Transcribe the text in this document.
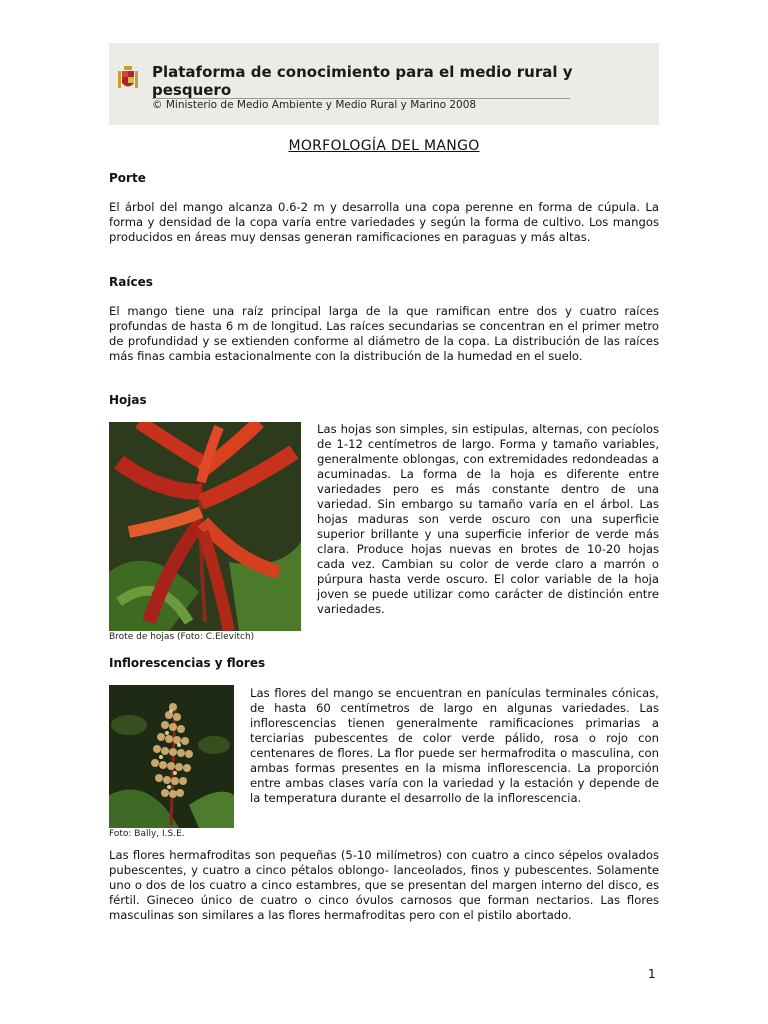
Plataforma de conocimiento para el medio rural y pesquero
© Ministerio de Medio Ambiente y Medio Rural y Marino 2008
MORFOLOGÍA DEL MANGO
Porte

El árbol del mango alcanza 0.6-2 m y desarrolla una copa perenne en forma de cúpula. La forma y densidad de la copa varía entre variedades y según la forma de cultivo. Los mangos producidos en áreas muy densas generan ramificaciones en paraguas y más altas.

Raíces

El mango tiene una raíz principal larga de la que ramifican entre dos y cuatro raíces profundas de hasta 6 m de longitud. Las raíces secundarias se concentran en el primer metro de profundidad y se extienden conforme al diámetro de la copa. La distribución de las raíces más finas cambia estacionalmente con la distribución de la humedad en el suelo.

Hojas
Brote de hojas (Foto: C.Elevitch)

Las hojas son simples, sin estipulas, alternas, con pecíolos de 1-12 centímetros de largo. Forma y tamaño variables, generalmente oblongas, con extremidades redondeadas a acuminadas. La forma de la hoja es diferente entre variedades pero es más constante dentro de una variedad. Sin embargo su tamaño varía en el árbol. Las hojas maduras son verde oscuro con una superficie superior brillante y una superficie inferior de verde más clara. Produce hojas nuevas en brotes de 10-20 hojas cada vez. Cambian su color de verde claro a marrón o púrpura hasta verde oscuro. El color variable de la hoja joven se puede utilizar como carácter de distinción entre variedades.

Inflorescencias y flores
Foto: Bally, I.S.E.

Las flores del mango se encuentran en panículas terminales cónicas, de hasta 60 centímetros de largo en algunas variedades. Las inflorescencias tienen generalmente ramificaciones primarias a terciarias pubescentes de color verde pálido, rosa o rojo con centenares de flores. La flor puede ser hermafrodita o masculina, con ambas formas presentes en la misma inflorescencia. La proporción entre ambas clases varía con la variedad y la estación y depende de la temperatura durante el desarrollo de la inflorescencia.

Las flores hermafroditas son pequeñas (5-10 milímetros) con cuatro a cinco sépelos ovalados pubescentes, y cuatro a cinco pétalos oblongo- lanceolados, finos y pubescentes. Solamente uno o dos de los cuatro a cinco estambres, que se presentan del margen interno del disco, es fértil. Gineceo único de cuatro o cinco óvulos carnosos que forman nectarios. Las flores masculinas son similares a las flores hermafroditas pero con el pistilo abortado.

1
